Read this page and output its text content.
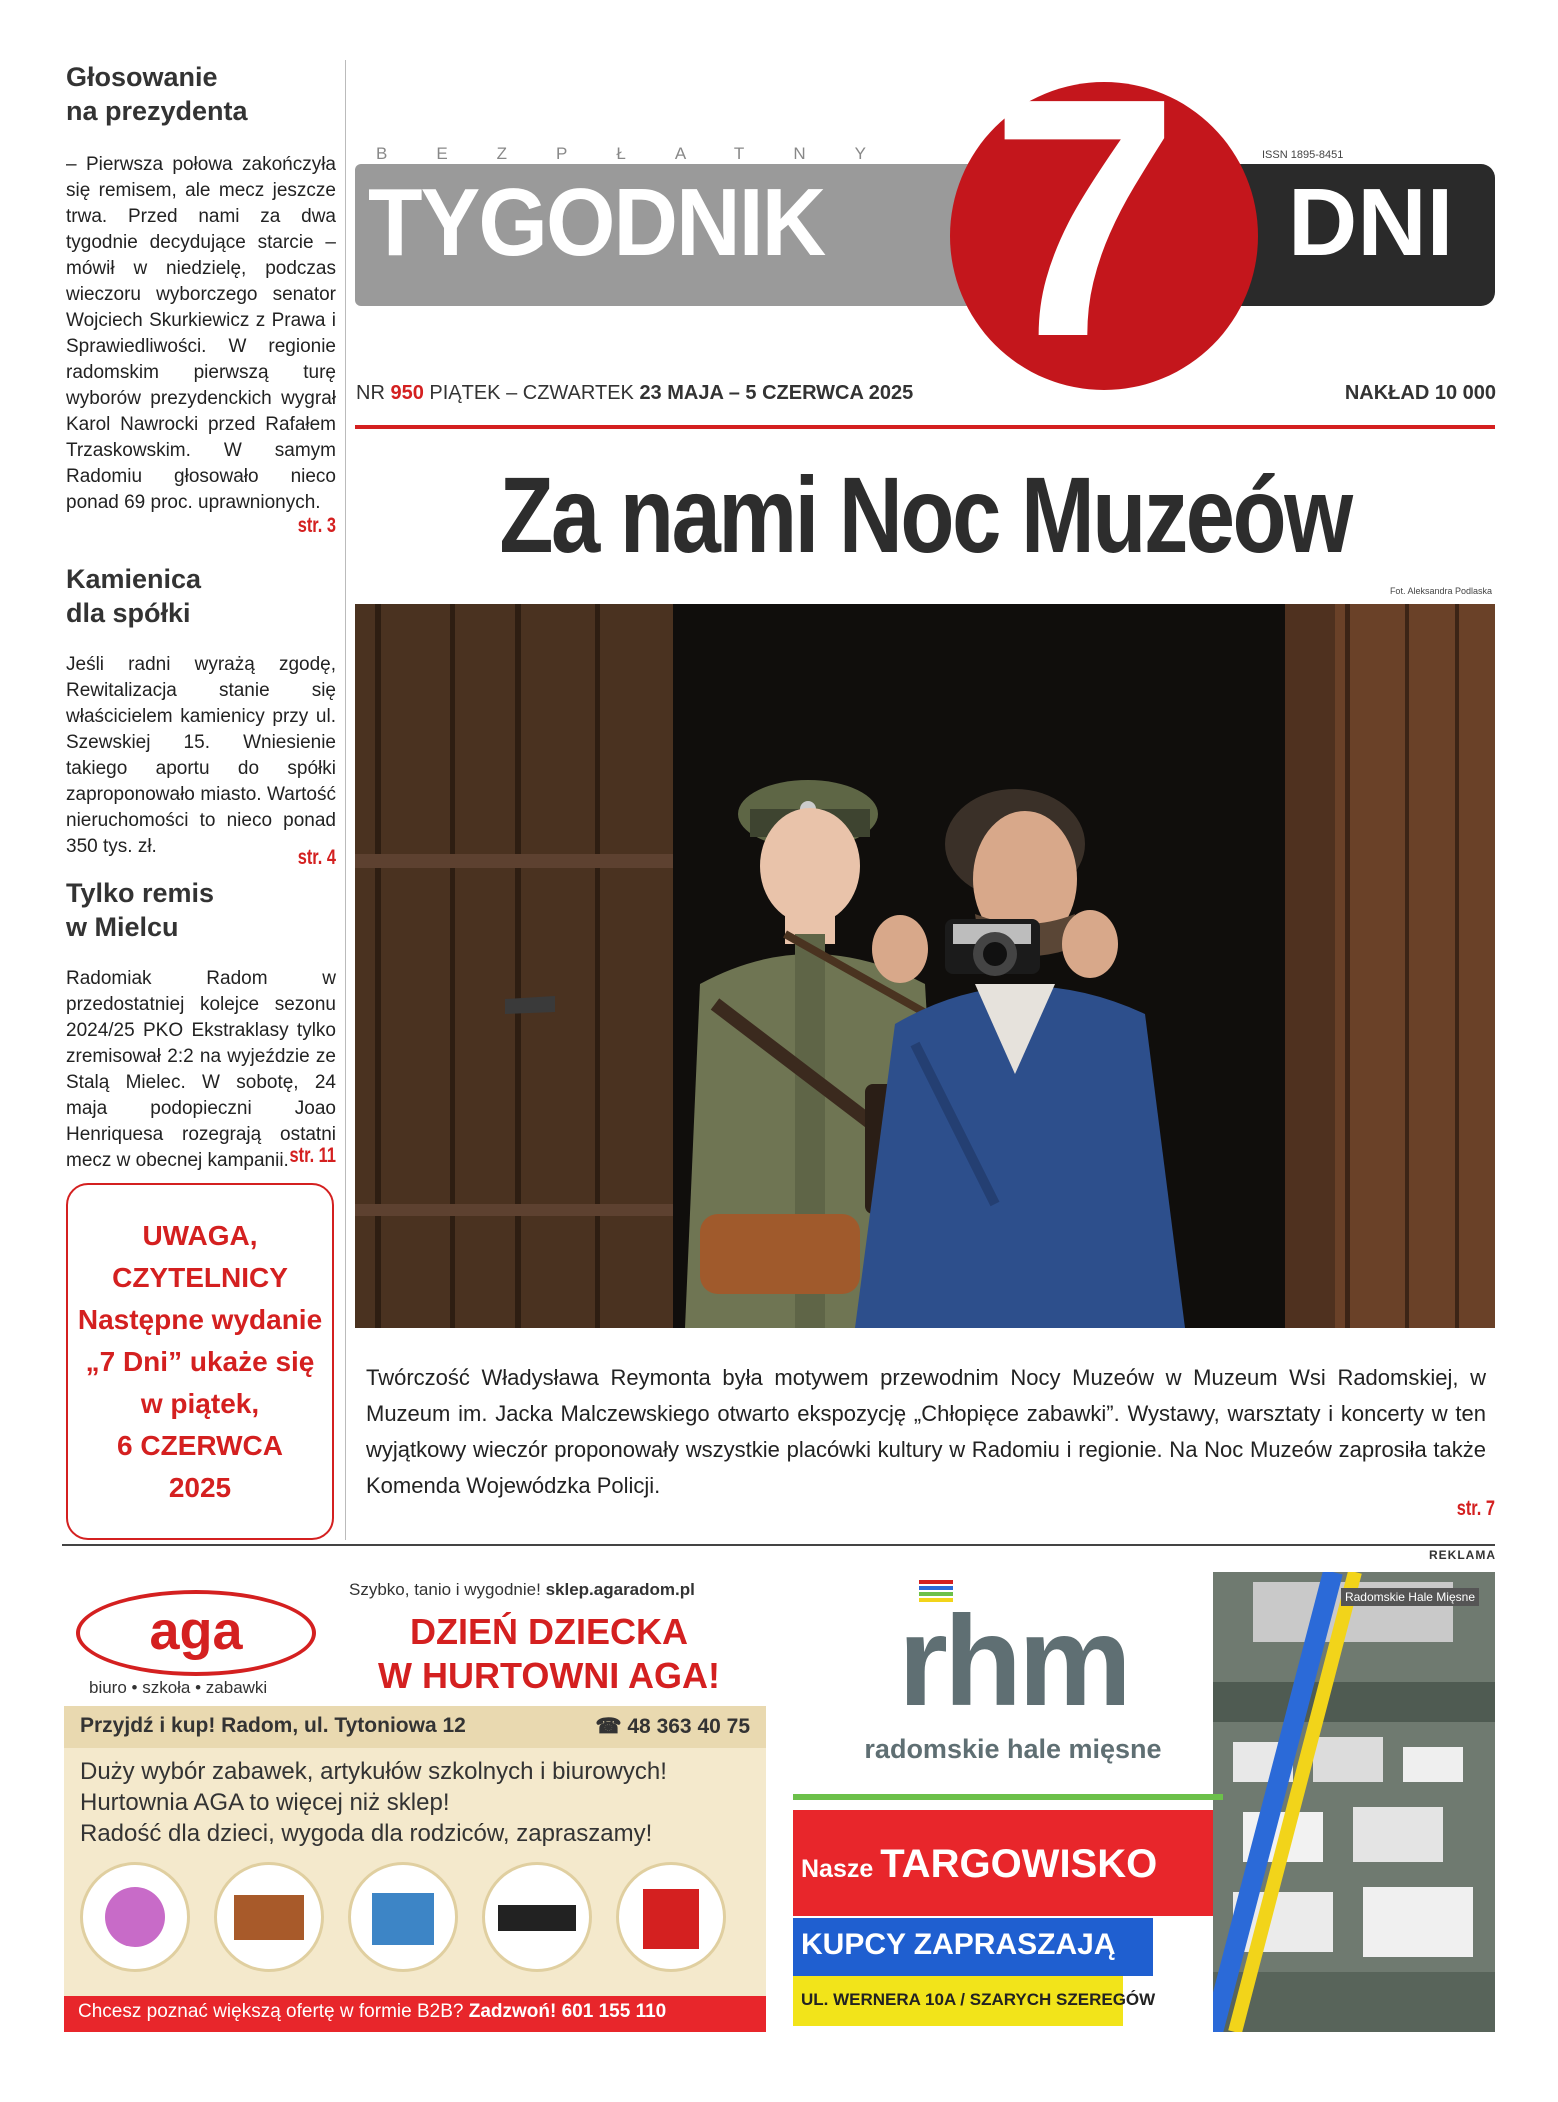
Głosowanie
na prezydenta
– Pierwsza połowa zakończyła się remisem, ale mecz jeszcze trwa. Przed nami za dwa tygodnie decydujące starcie – mówił w niedzielę, podczas wieczoru wyborczego senator Wojciech Skurkiewicz z Prawa i Sprawiedliwości. W regionie radomskim pierwszą turę wyborów prezydenckich wygrał Karol Nawrocki przed Rafałem Trzaskowskim. W samym Radomiu głosowało nieco ponad 69 proc. uprawnionych.
str. 3
Kamienica
dla spółki
Jeśli radni wyrażą zgodę, Rewitalizacja stanie się właścicielem kamienicy przy ul. Szewskiej 15. Wniesienie takiego aportu do spółki zaproponowało miasto. Wartość nieruchomości to nieco ponad 350 tys. zł.	str. 4
Tylko remis
w Mielcu
Radomiak Radom w przedostatniej kolejce sezonu 2024/25 PKO Ekstraklasy tylko zremisował 2:2 na wyjeździe ze Stalą Mielec. W sobotę, 24 maja podopieczni Joao Henriquesa rozegrają ostatni mecz w obecnej kampanii. str. 11
UWAGA,
CZYTELNICY
Następne wydanie
„7 Dni” ukaże się
w piątek,
6 CZERWCA
2025
BEZPŁATNY
TYGODNIK	DNI
7	ISSN 1895-8451
NR 950 PIĄTEK – CZWARTEK 23 MAJA – 5 CZERWCA 2025	NAKŁAD 10 000
Za nami Noc Muzeów
Fot. Aleksandra Podlaska
Twórczość Władysława Reymonta była motywem przewodnim Nocy Muzeów w Muzeum Wsi Radomskiej, w Muzeum im. Jacka Malczewskiego otwarto ekspozycję „Chłopięce zabawki”. Wystawy, warsztaty i koncerty w ten wyjątkowy wieczór proponowały wszystkie placówki kultury w Radomiu i regionie. Na Noc Muzeów zaprosiła także Komenda Wojewódzka Policji.
str. 7
REKLAMA
aga
biuro • szkoła • zabawki
Szybko, tanio i wygodnie! sklep.agaradom.pl
DZIEŃ DZIECKA
W HURTOWNI AGA!
Przyjdź i kup! Radom, ul. Tytoniowa 12	☎ 48 363 40 75
Duży wybór zabawek, artykułów szkolnych i biurowych!
Hurtownia AGA to więcej niż sklep!
Radość dla dzieci, wygoda dla rodziców, zapraszamy!
Chcesz poznać większą ofertę w formie B2B? Zadzwoń! 601 155 110
rhm
radomskie hale mięsne
Radomskie Hale Mięsne
Nasze TARGOWISKO
KUPCY ZAPRASZAJĄ
UL. WERNERA 10A / SZARYCH SZEREGÓW
